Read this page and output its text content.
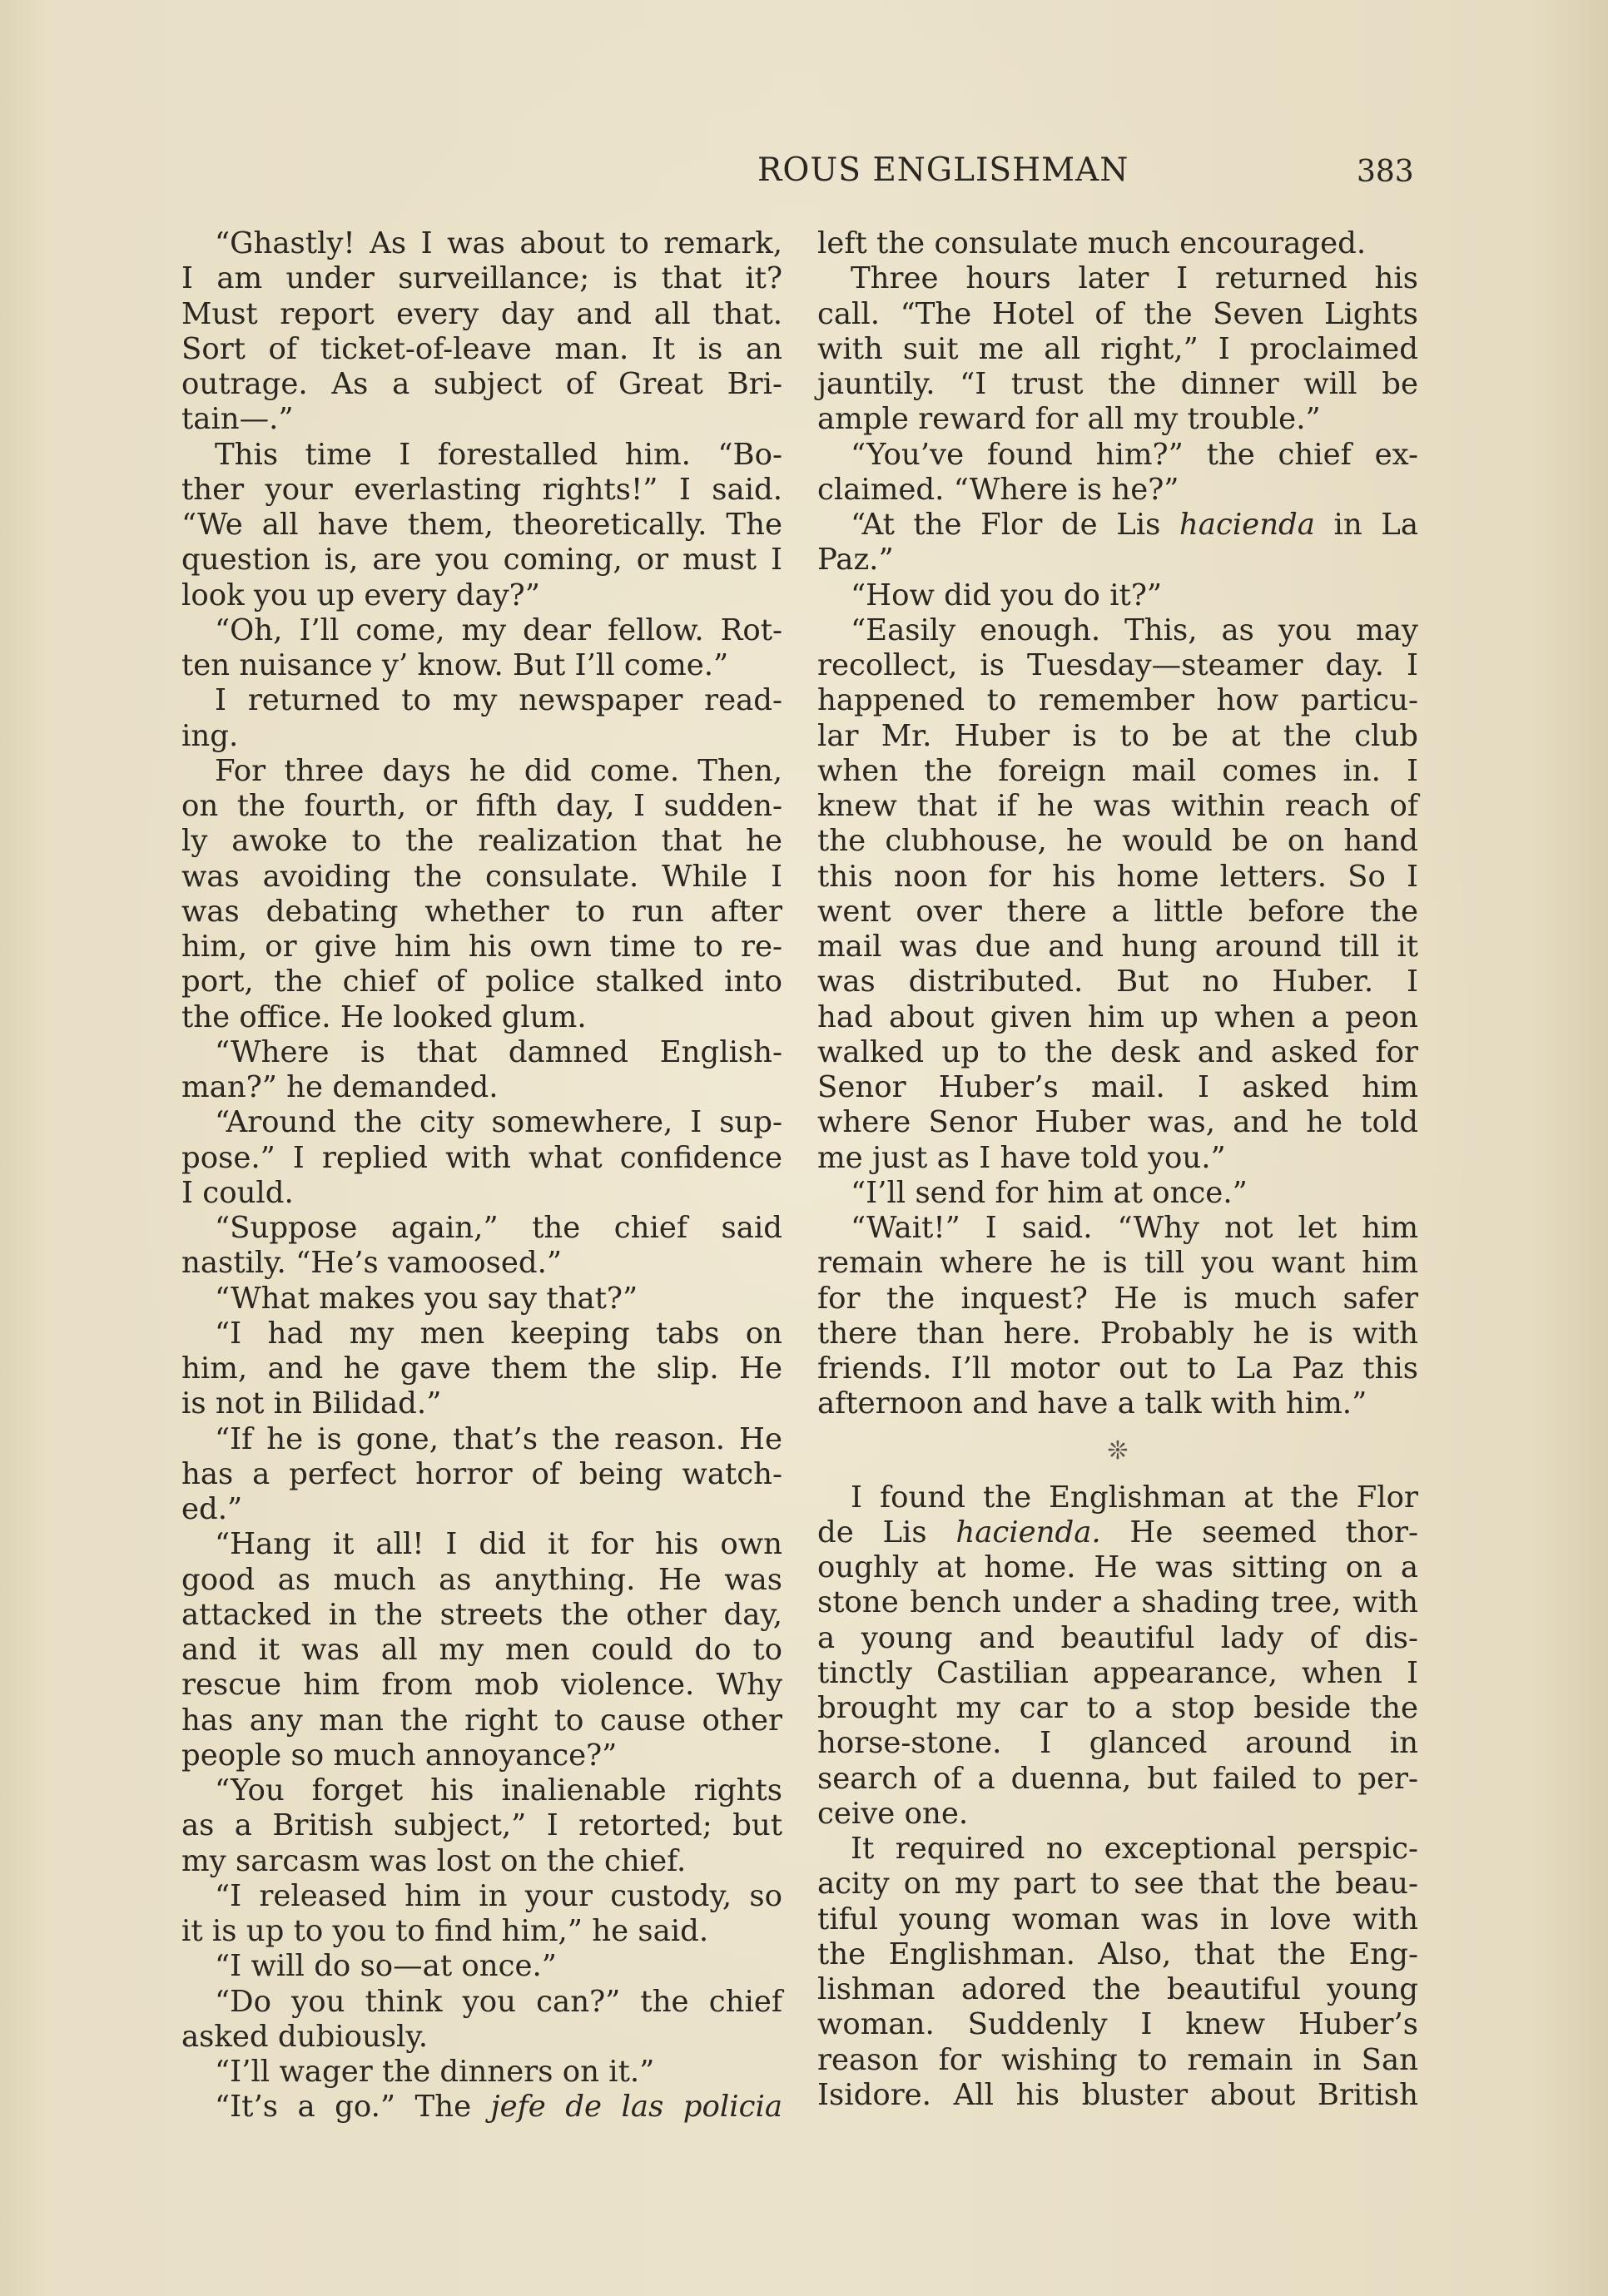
ROUS ENGLISHMAN	383
“Ghastly! As I was about to remark,
I am under surveillance; is that it?
Must report every day and all that.
Sort of ticket-of-leave man. It is an
outrage. As a subject of Great Bri-
tain—.”
This time I forestalled him. “Bo-
ther your everlasting rights!” I said.
“We all have them, theoretically. The
question is, are you coming, or must I
look you up every day?”
“Oh, I’ll come, my dear fellow. Rot-
ten nuisance y’ know. But I’ll come.”
I returned to my newspaper read-
ing.
For three days he did come. Then,
on the fourth, or fifth day, I sudden-
ly awoke to the realization that he
was avoiding the consulate. While I
was debating whether to run after
him, or give him his own time to re-
port, the chief of police stalked into
the office. He looked glum.
“Where is that damned English-
man?” he demanded.
“Around the city somewhere, I sup-
pose.” I replied with what confidence
I could.
“Suppose again,” the chief said
nastily. “He’s vamoosed.”
“What makes you say that?”
“I had my men keeping tabs on
him, and he gave them the slip. He
is not in Bilidad.”
“If he is gone, that’s the reason. He
has a perfect horror of being watch-
ed.”
“Hang it all! I did it for his own
good as much as anything. He was
attacked in the streets the other day,
and it was all my men could do to
rescue him from mob violence. Why
has any man the right to cause other
people so much annoyance?”
“You forget his inalienable rights
as a British subject,” I retorted; but
my sarcasm was lost on the chief.
“I released him in your custody, so
it is up to you to find him,” he said.
“I will do so—at once.”
“Do you think you can?” the chief
asked dubiously.
“I’ll wager the dinners on it.”
“It’s a go.” The jefe de las policia
left the consulate much encouraged.
Three hours later I returned his
call. “The Hotel of the Seven Lights
with suit me all right,” I proclaimed
jauntily. “I trust the dinner will be
ample reward for all my trouble.”
“You’ve found him?” the chief ex-
claimed. “Where is he?”
“At the Flor de Lis hacienda in La
Paz.”
“How did you do it?”
“Easily enough. This, as you may
recollect, is Tuesday—steamer day. I
happened to remember how particu-
lar Mr. Huber is to be at the club
when the foreign mail comes in. I
knew that if he was within reach of
the clubhouse, he would be on hand
this noon for his home letters. So I
went over there a little before the
mail was due and hung around till it
was distributed. But no Huber. I
had about given him up when a peon
walked up to the desk and asked for
Senor Huber’s mail. I asked him
where Senor Huber was, and he told
me just as I have told you.”
“I’ll send for him at once.”
“Wait!” I said. “Why not let him
remain where he is till you want him
for the inquest? He is much safer
there than here. Probably he is with
friends. I’ll motor out to La Paz this
afternoon and have a talk with him.”
❊
I found the Englishman at the Flor
de Lis hacienda. He seemed thor-
oughly at home. He was sitting on a
stone bench under a shading tree, with
a young and beautiful lady of dis-
tinctly Castilian appearance, when I
brought my car to a stop beside the
horse-stone. I glanced around in
search of a duenna, but failed to per-
ceive one.
It required no exceptional perspic-
acity on my part to see that the beau-
tiful young woman was in love with
the Englishman. Also, that the Eng-
lishman adored the beautiful young
woman. Suddenly I knew Huber’s
reason for wishing to remain in San
Isidore. All his bluster about British
